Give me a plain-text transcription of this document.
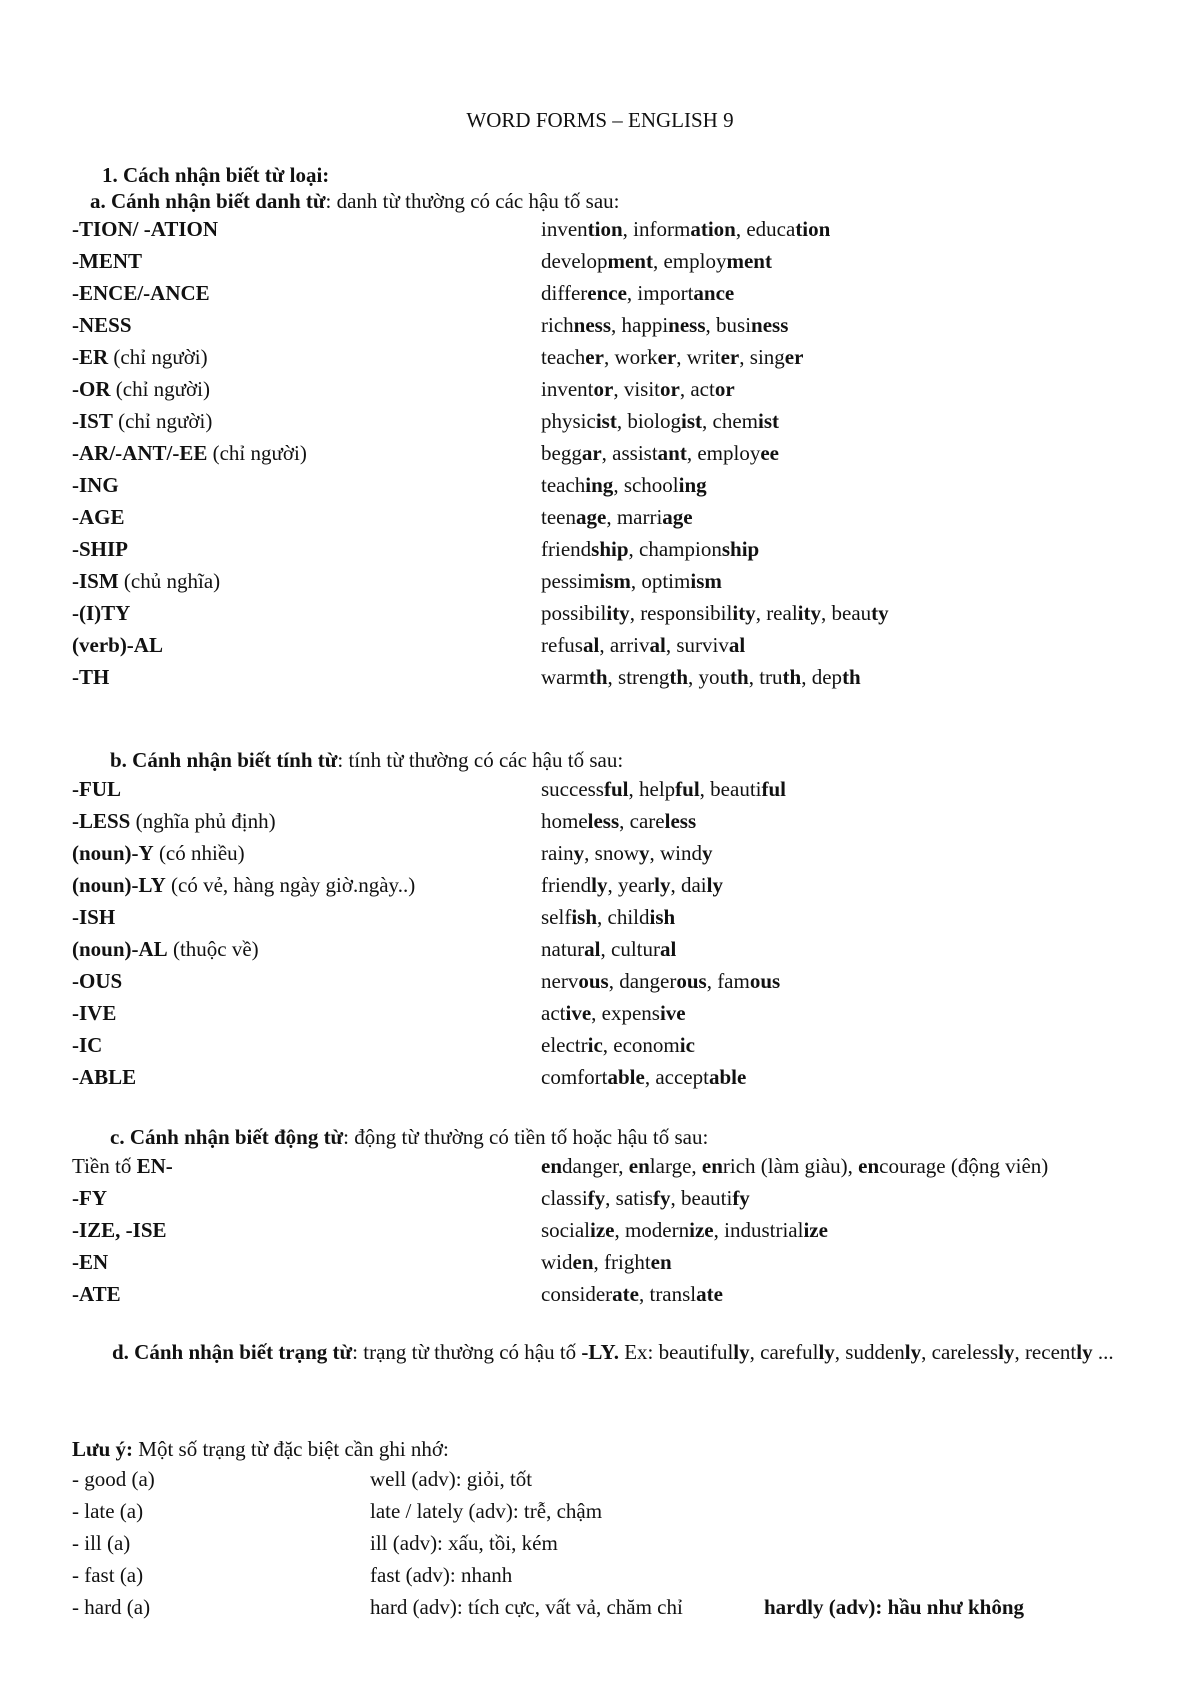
WORD FORMS – ENGLISH 9
1. Cách nhận biết từ loại:
a. Cánh nhận biết danh từ: danh từ thường có các hậu tố sau:
-TION/ -ATION	invention, information, education
-MENT	development, employment
-ENCE/-ANCE	difference, importance
-NESS	richness, happiness, business
-ER (chỉ người)	teacher, worker, writer, singer
-OR (chỉ người)	inventor, visitor, actor
-IST (chỉ người)	physicist, biologist, chemist
-AR/-ANT/-EE (chỉ người)	beggar, assistant, employee
-ING	teaching, schooling
-AGE	teenage, marriage
-SHIP	friendship, championship
-ISM (chủ nghĩa)	pessimism, optimism
-(I)TY	possibility, responsibility, reality, beauty
(verb)-AL	refusal, arrival, survival
-TH	warmth, strength, youth, truth, depth
b. Cánh nhận biết tính từ: tính từ thường có các hậu tố sau:
-FUL	successful, helpful, beautiful
-LESS (nghĩa phủ định)	homeless, careless
(noun)-Y (có nhiều)	rainy, snowy, windy
(noun)-LY (có vẻ, hàng ngày giờ.ngày..)	friendly, yearly, daily
-ISH	selfish, childish
(noun)-AL (thuộc về)	natural, cultural
-OUS	nervous, dangerous, famous
-IVE	active, expensive
-IC	electric, economic
-ABLE	comfortable, acceptable
c. Cánh nhận biết động từ: động từ thường có tiền tố hoặc hậu tố sau:
Tiền tố EN-	endanger, enlarge, enrich (làm giàu), encourage (động viên)
-FY	classify, satisfy, beautify
-IZE, -ISE	socialize, modernize, industrialize
-EN	widen, frighten
-ATE	considerate, translate
d. Cánh nhận biết trạng từ: trạng từ thường có hậu tố -LY. Ex: beautifully, carefully, suddenly, carelessly, recently ...
Lưu ý: Một số trạng từ đặc biệt cần ghi nhớ:
- good (a)	well (adv): giỏi, tốt
- late (a)	late / lately (adv): trễ, chậm
- ill (a)	ill (adv): xấu, tồi, kém
- fast (a)	fast (adv): nhanh
- hard (a)	hard (adv): tích cực, vất vả, chăm chỉ	hardly (adv): hầu như không
